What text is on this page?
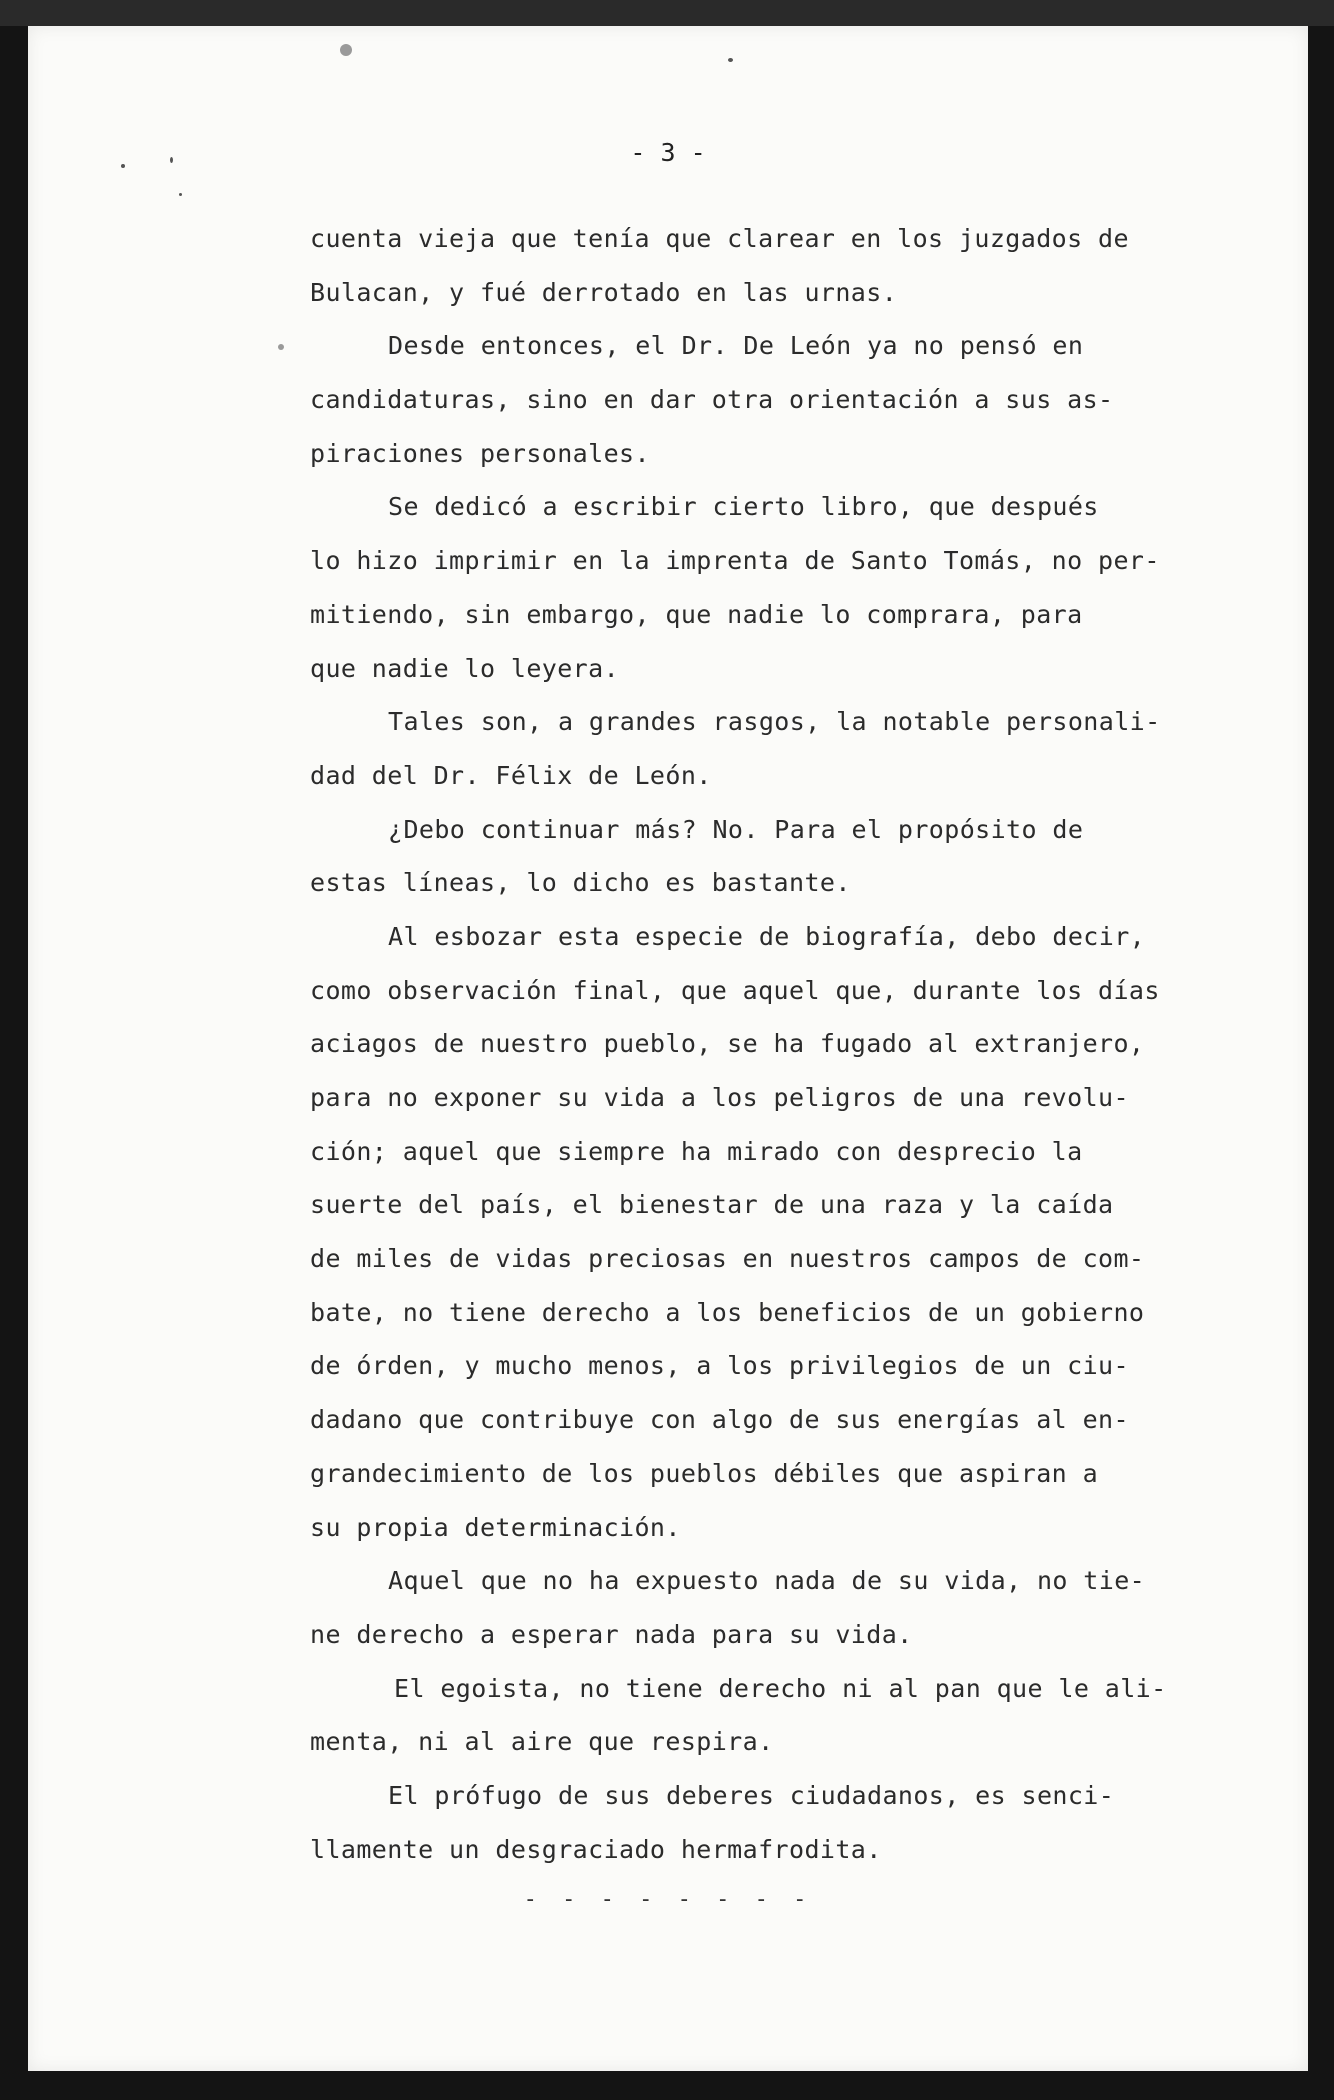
- 3 -
cuenta vieja que tenía que clarear en los juzgados de
Bulacan, y fué derrotado en las urnas.
Desde entonces, el Dr. De León ya no pensó en
candidaturas, sino en dar otra orientación a sus as-
piraciones personales.
Se dedicó a escribir cierto libro, que después
lo hizo imprimir en la imprenta de Santo Tomás, no per-
mitiendo, sin embargo, que nadie lo comprara, para
que nadie lo leyera.
Tales son, a grandes rasgos, la notable personali-
dad del Dr. Félix de León.
¿Debo continuar más? No. Para el propósito de
estas líneas, lo dicho es bastante.
Al esbozar esta especie de biografía, debo decir,
como observación final, que aquel que, durante los días
aciagos de nuestro pueblo, se ha fugado al extranjero,
para no exponer su vida a los peligros de una revolu-
ción; aquel que siempre ha mirado con desprecio la
suerte del país, el bienestar de una raza y la caída
de miles de vidas preciosas en nuestros campos de com-
bate, no tiene derecho a los beneficios de un gobierno
de órden, y mucho menos, a los privilegios de un ciu-
dadano que contribuye con algo de sus energías al en-
grandecimiento de los pueblos débiles que aspiran a
su propia determinación.
Aquel que no ha expuesto nada de su vida, no tie-
ne derecho a esperar nada para su vida.
El egoista, no tiene derecho ni al pan que le ali-
menta, ni al aire que respira.
El prófugo de sus deberes ciudadanos, es senci-
llamente un desgraciado hermafrodita.
- - - - - - - -
